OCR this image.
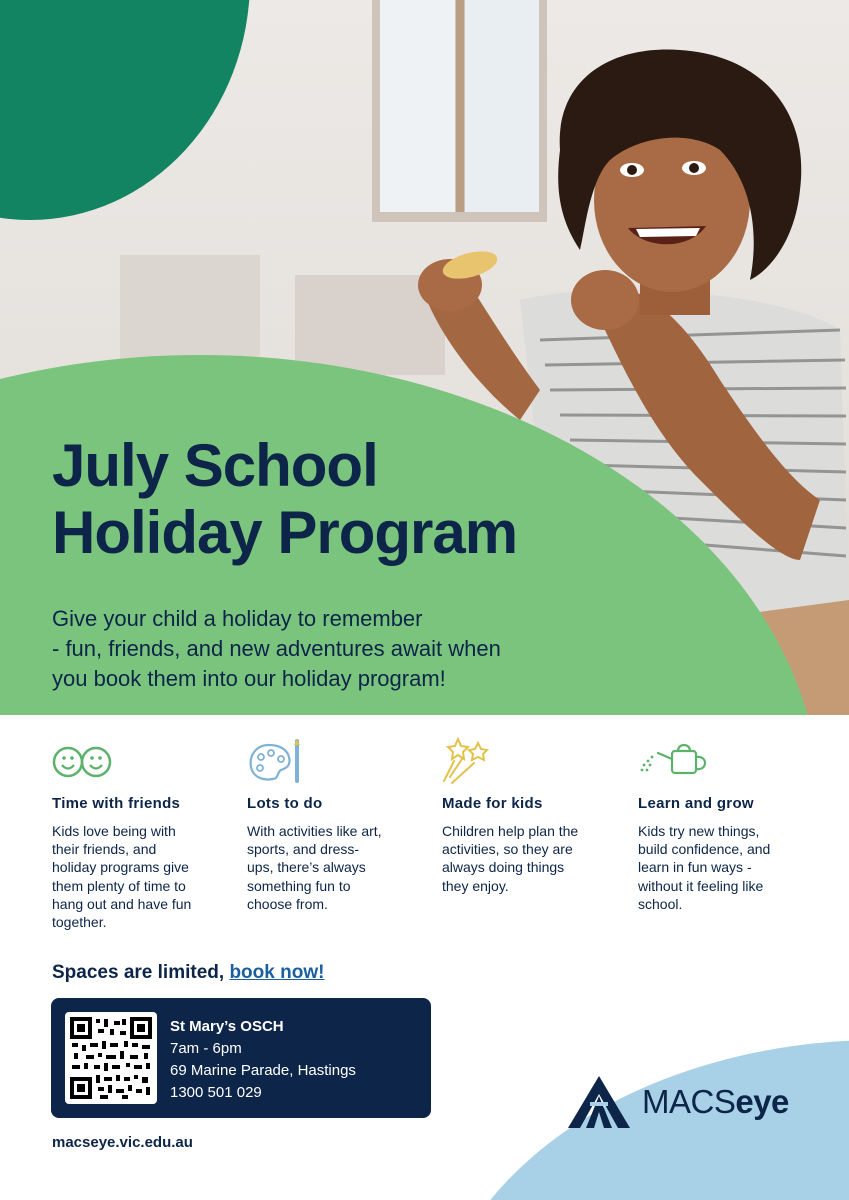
July School
Holiday Program

Give your child a holiday to remember
- fun, friends, and new adventures await when
you book them into our holiday program!

Time with friends

Kids love being with
their friends, and
holiday programs give
them plenty of time to
hang out and have fun
together.

Lots to do

With activities like art,
sports, and dress-
ups, there’s always
something fun to
choose from.

Made for kids

Children help plan the
activities, so they are
always doing things
they enjoy.

Learn and grow

Kids try new things,
build confidence, and
learn in fun ways -
without it feeling like
school.

Spaces are limited, book now!
St Mary’s OSCH
7am - 6pm
69 Marine Parade, Hastings
1300 501 029
macseye.vic.edu.au
MACSeye
